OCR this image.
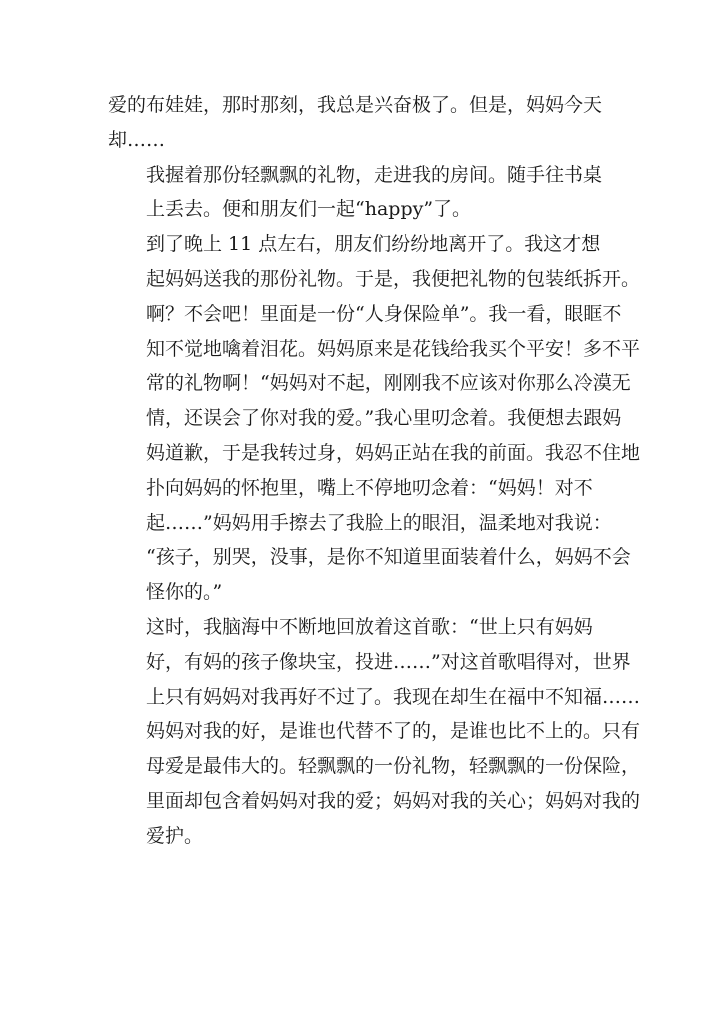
爱的布娃娃，那时那刻，我总是兴奋极了。但是，妈妈今天
却……

我握着那份轻飘飘的礼物，走进我的房间。随手往书桌
上丢去。便和朋友们一起“happy”了。

到了晚上 11 点左右，朋友们纷纷地离开了。我这才想
起妈妈送我的那份礼物。于是，我便把礼物的包装纸拆开。
啊？不会吧！里面是一份“人身保险单”。我一看，眼眶不
知不觉地噙着泪花。妈妈原来是花钱给我买个平安！多不平
常的礼物啊！“妈妈对不起，刚刚我不应该对你那么冷漠无
情，还误会了你对我的爱。”我心里叨念着。我便想去跟妈
妈道歉，于是我转过身，妈妈正站在我的前面。我忍不住地
扑向妈妈的怀抱里，嘴上不停地叨念着：“妈妈！对不
起……”妈妈用手擦去了我脸上的眼泪，温柔地对我说：
“孩子，别哭，没事，是你不知道里面装着什么，妈妈不会
怪你的。”

这时，我脑海中不断地回放着这首歌：“世上只有妈妈
好，有妈的孩子像块宝，投进……”对这首歌唱得对，世界
上只有妈妈对我再好不过了。我现在却生在福中不知福……
妈妈对我的好，是谁也代替不了的，是谁也比不上的。只有
母爱是最伟大的。轻飘飘的一份礼物，轻飘飘的一份保险，
里面却包含着妈妈对我的爱；妈妈对我的关心；妈妈对我的
爱护。
